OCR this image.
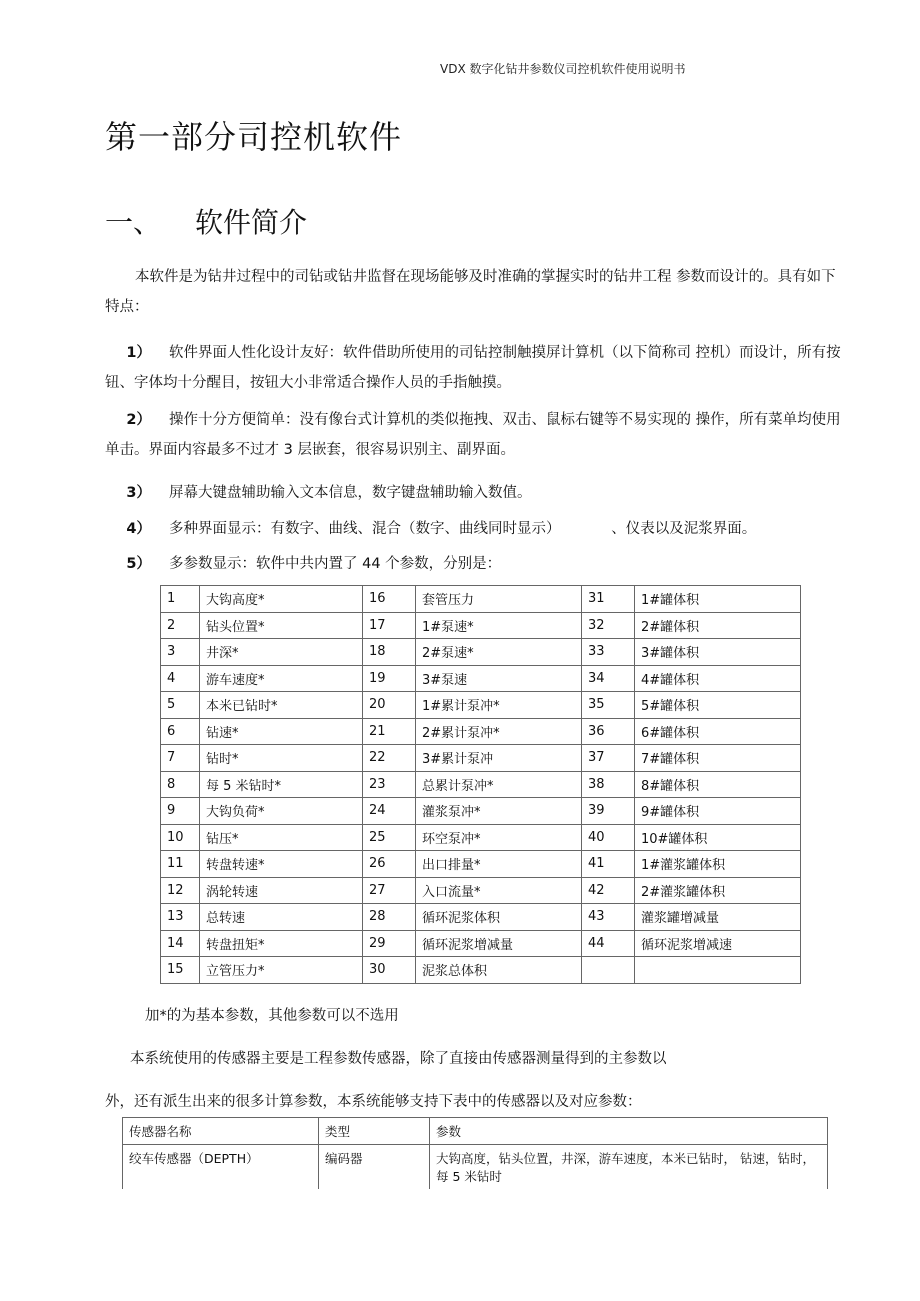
VDX 数字化钻井参数仪司控机软件使用说明书
第一部分司控机软件
一、 软件简介

本软件是为钻井过程中的司钻或钻井监督在现场能够及时准确的掌握实时的钻井工程 参数而设计的。具有如下特点：

1） 软件界面人性化设计友好：软件借助所使用的司钻控制触摸屏计算机（以下简称司 控机）而设计，所有按钮、字体均十分醒目，按钮大小非常适合操作人员的手指触摸。

2） 操作十分方便简单：没有像台式计算机的类似拖拽、双击、鼠标右键等不易实现的 操作，所有菜单均使用单击。界面内容最多不过才 3 层嵌套，很容易识别主、副界面。

3） 屏幕大键盘辅助输入文本信息，数字键盘辅助输入数值。

4） 多种界面显示：有数字、曲线、混合（数字、曲线同时显示）　　　　、仪表以及泥浆界面。

5） 多参数显示：软件中共内置了 44 个参数，分别是：

1	大钩高度*	16	套管压力	31	1#罐体积
2	钻头位置*	17	1#泵速*	32	2#罐体积
3	井深*	18	2#泵速*	33	3#罐体积
4	游车速度*	19	3#泵速	34	4#罐体积
5	本米已钻时*	20	1#累计泵冲*	35	5#罐体积
6	钻速*	21	2#累计泵冲*	36	6#罐体积
7	钻时*	22	3#累计泵冲	37	7#罐体积
8	每 5 米钻时*	23	总累计泵冲*	38	8#罐体积
9	大钩负荷*	24	灌浆泵冲*	39	9#罐体积
10	钻压*	25	环空泵冲*	40	10#罐体积
11	转盘转速*	26	出口排量*	41	1#灌浆罐体积
12	涡轮转速	27	入口流量*	42	2#灌浆罐体积
13	总转速	28	循环泥浆体积	43	灌浆罐增减量
14	转盘扭矩*	29	循环泥浆增减量	44	循环泥浆增减速
15	立管压力*	30	泥浆总体积		
加*的为基本参数，其他参数可以不选用
本系统使用的传感器主要是工程参数传感器，除了直接由传感器测量得到的主参数以
外，还有派生出来的很多计算参数，本系统能够支持下表中的传感器以及对应参数：
传感器名称	类型	参数
绞车传感器（DEPTH）	编码器	大钩高度，钻头位置，井深，游车速度，本米已钻时， 钻速，钻时，每 5 米钻时
